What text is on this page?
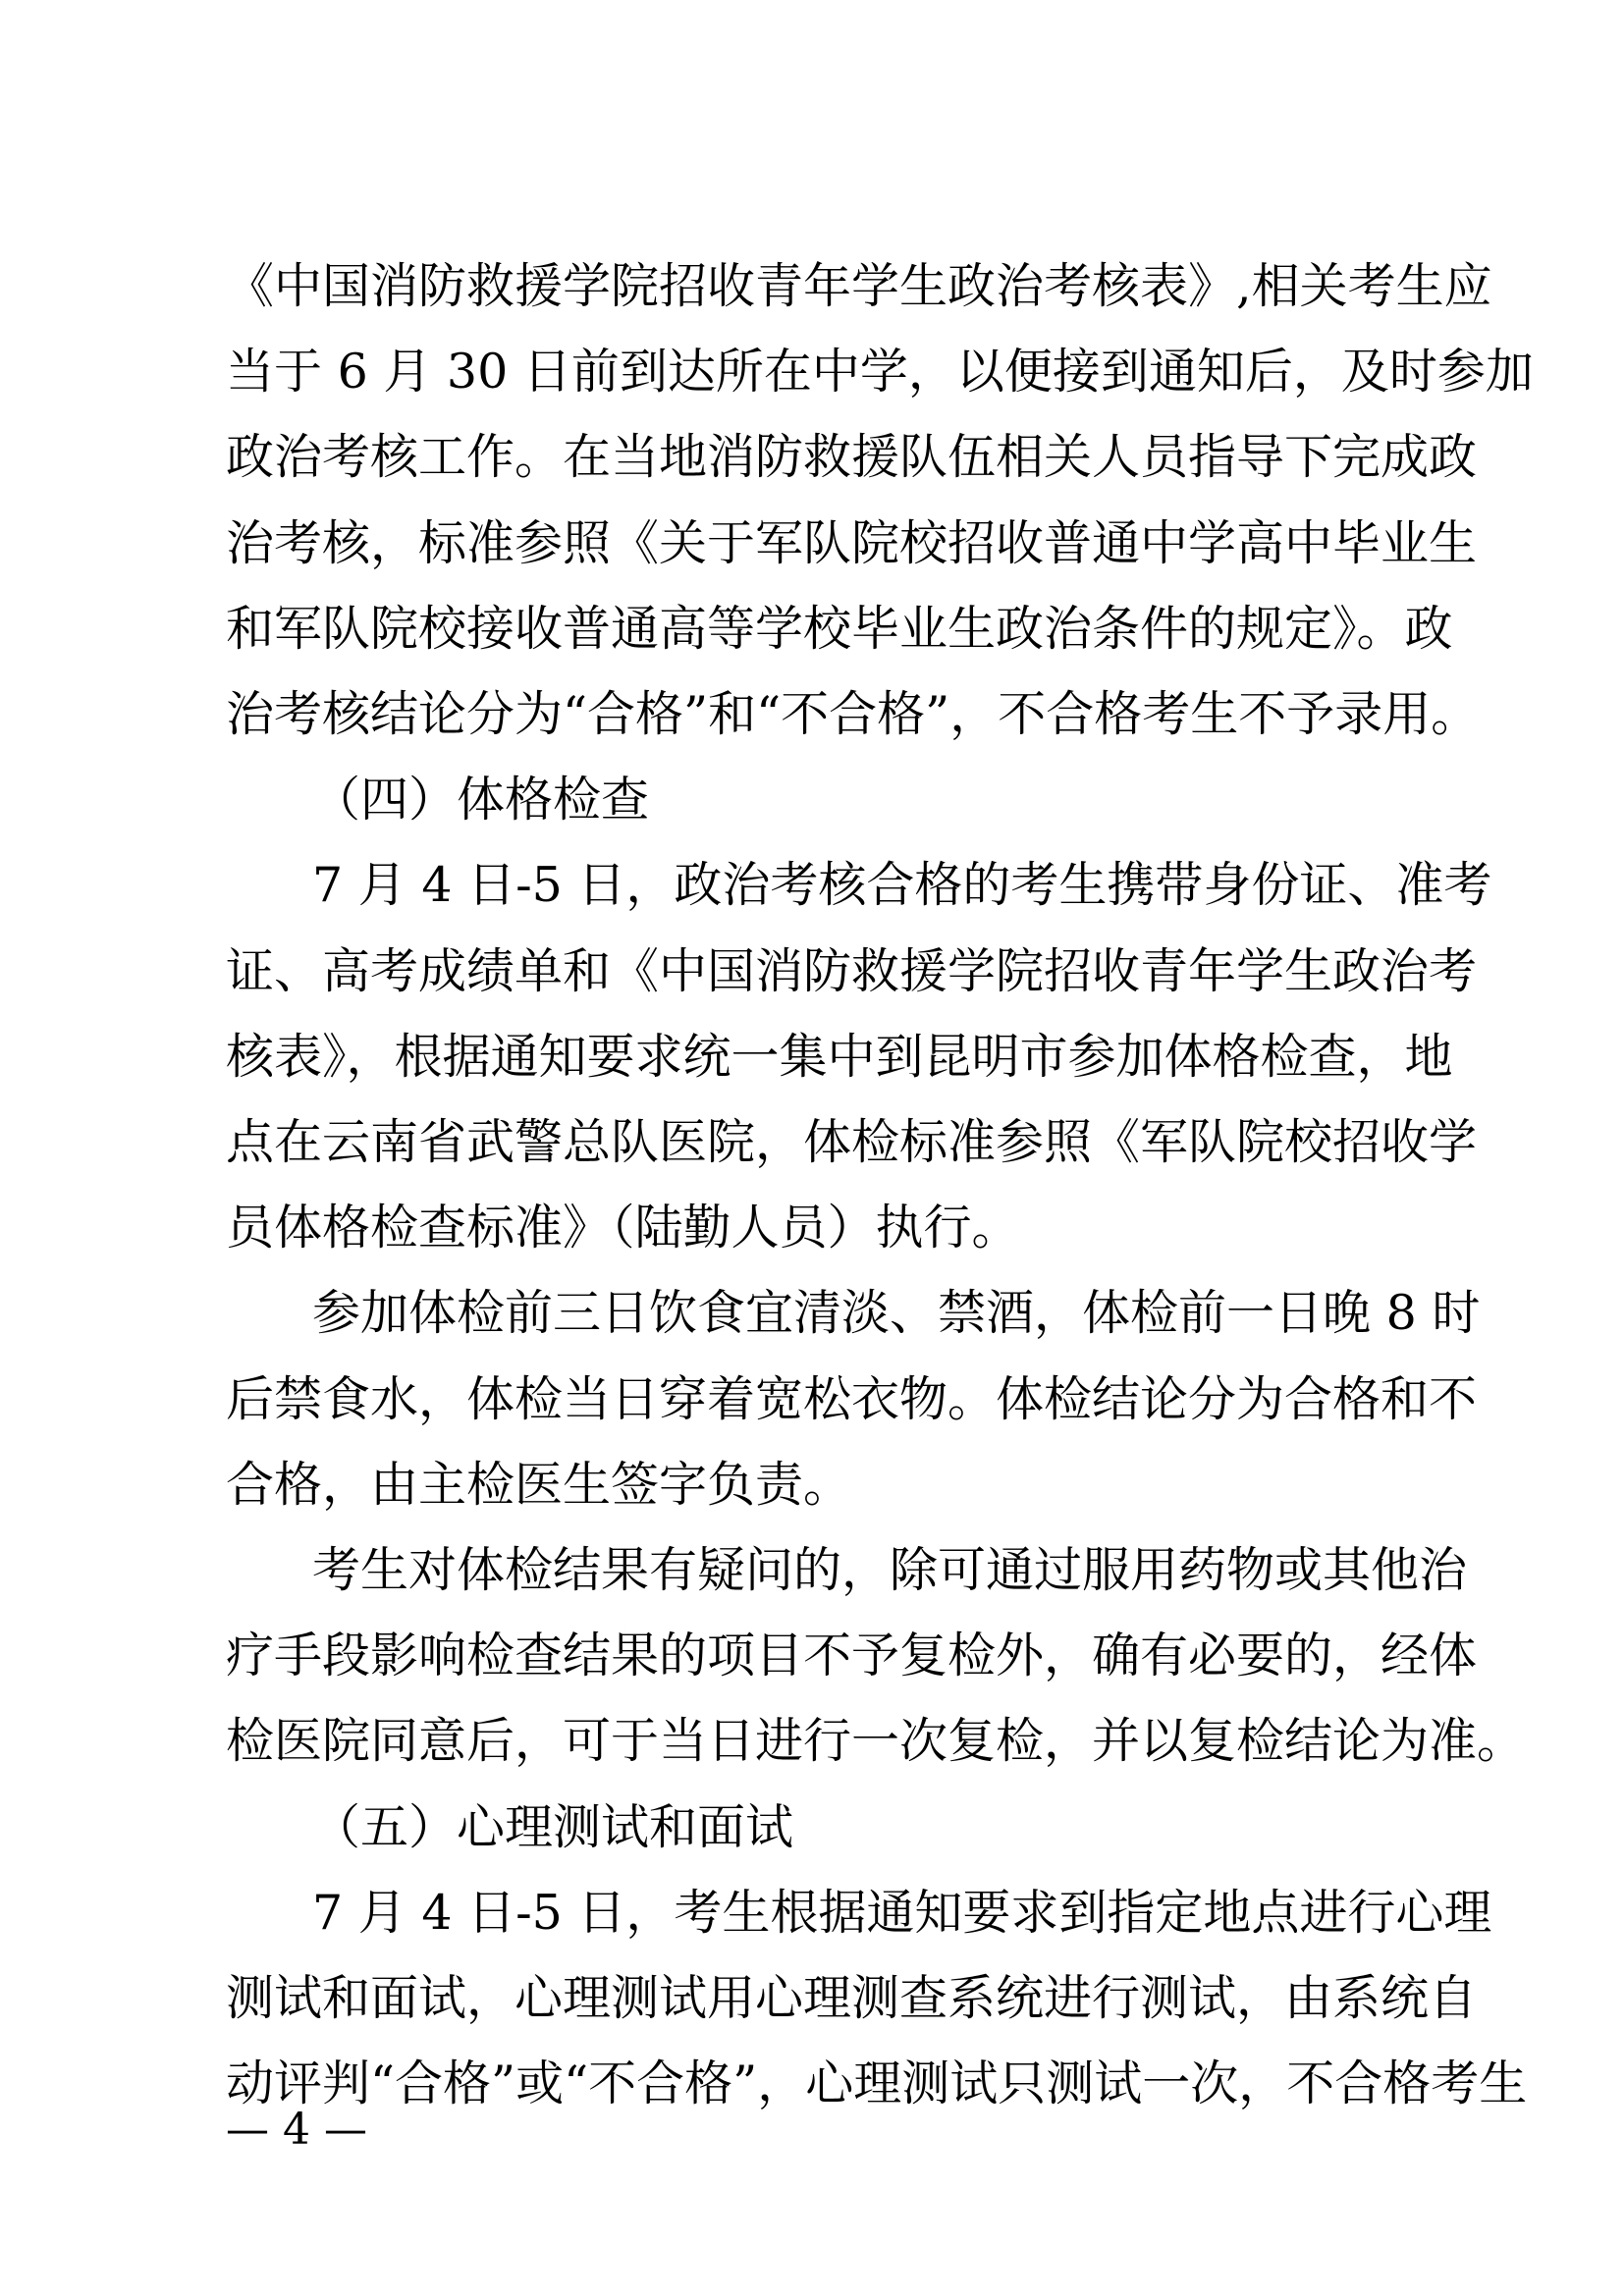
《中国消防救援学院招收青年学生政治考核表》,相关考生应
当于 6 月 30 日前到达所在中学，以便接到通知后，及时参加
政治考核工作。在当地消防救援队伍相关人员指导下完成政
治考核，标准参照《关于军队院校招收普通中学高中毕业生
和军队院校接收普通高等学校毕业生政治条件的规定》。政
治考核结论分为“合格”和“不合格”，不合格考生不予录用。
（四）体格检查
7 月 4 日-5 日，政治考核合格的考生携带身份证、准考
证、高考成绩单和《中国消防救援学院招收青年学生政治考
核表》，根据通知要求统一集中到昆明市参加体格检查，地
点在云南省武警总队医院，体检标准参照《军队院校招收学
员体格检查标准》（陆勤人员）执行。
参加体检前三日饮食宜清淡、禁酒，体检前一日晚 8 时
后禁食水，体检当日穿着宽松衣物。体检结论分为合格和不
合格，由主检医生签字负责。
考生对体检结果有疑问的，除可通过服用药物或其他治
疗手段影响检查结果的项目不予复检外，确有必要的，经体
检医院同意后，可于当日进行一次复检，并以复检结论为准。
（五）心理测试和面试
7 月 4 日-5 日，考生根据通知要求到指定地点进行心理
测试和面试，心理测试用心理测查系统进行测试，由系统自
动评判“合格”或“不合格”，心理测试只测试一次，不合格考生
— 4 —
